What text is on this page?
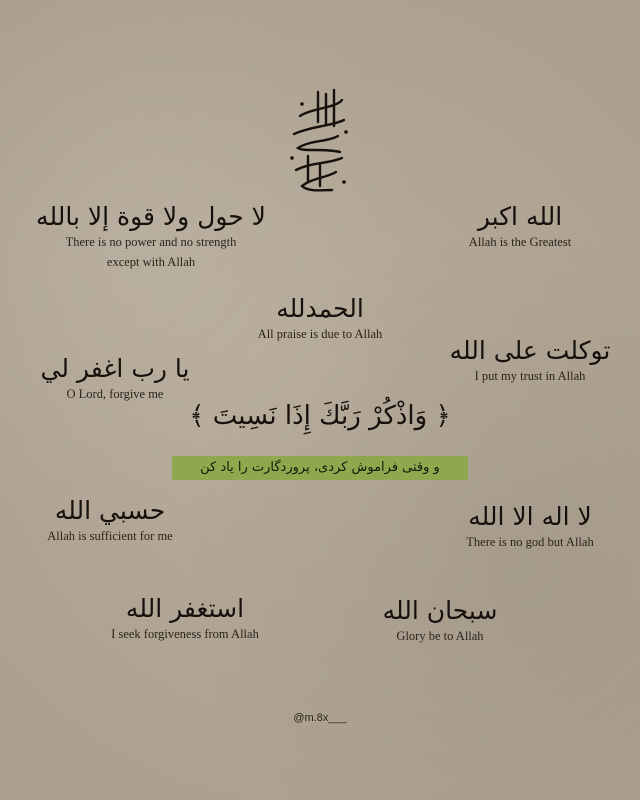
لا حول ولا قوة إلا بالله
There is no power and no strength
except with Allah
الله اكبر
Allah is the Greatest
الحمدلله
All praise is due to Allah
يا رب اغفر لي
O Lord, forgive me
توكلت على الله
I put my trust in Allah
﴿ وَاذْكُرْ رَبَّكَ إِذَا نَسِيتَ ﴾
و وقتی فراموش کردی، پروردگارت را یاد کن
حسبي الله
Allah is sufficient for me
لا اله الا الله
There is no god but Allah
استغفر الله
I seek forgiveness from Allah
سبحان الله
Glory be to Allah
@m.8x___
